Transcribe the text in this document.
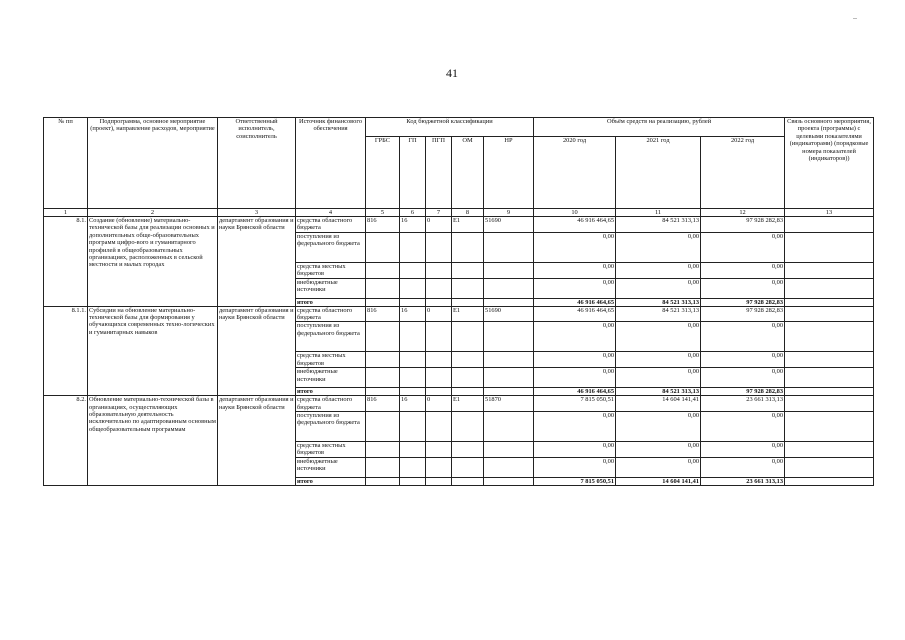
41
№ пп	Подпрограмма, основное мероприятие (проект), направление расходов, мероприятие	Ответственный исполнитель, соисполнитель	Источник финансового обеспечения	Код бюджетной классификации					Объём средств на реализацию, рублей			Связь основного мероприятия, проекта (программы) с целевыми показателями (индикаторами) (порядковые номера показателей (индикаторов))
				ГРБС	ГП	ПГП	ОМ	НР	2020 год	2021 год	2022 год	
1	2	3	4	5	6	7	8	9	10	11	12	13
8.1.	Создание (обновление) материально-технической базы для реализации основных и дополнительных обще-образовательных программ цифро-вого и гуманитарного профилей в общеобразовательных организациях, расположенных в сельской местности и малых городах	департамент образования и науки Брянской области	средства областного бюджета	816	16	0	E1	51690	46 916 464,65	84 521 313,13	97 928 282,83	
			поступления из федерального бюджета						0,00	0,00	0,00	
			средства местных бюджетов						0,00	0,00	0,00	
			внебюджетные источники						0,00	0,00	0,00	
			итого						46 916 464,65	84 521 313,13	97 928 282,83	
8.1.1.	Субсидии на обновление материально-технической базы для формирования у обучающихся современных техно-логических и гуманитарных навыков	департамент образования и науки Брянской области	средства областного бюджета	816	16	0	E1	51690	46 916 464,65	84 521 313,13	97 928 282,83	
			поступления из федерального бюджета						0,00	0,00	0,00	
			средства местных бюджетов						0,00	0,00	0,00	
			внебюджетные источники						0,00	0,00	0,00	
			итого						46 916 464,65	84 521 313,13	97 928 282,83	
8.2.	Обновление материально-технической базы в организациях, осуществляющих образовательную деятельность исключительно по адаптированным основным общеобразовательным программам	департамент образования и науки Брянской области	средства областного бюджета	816	16	0	E1	51870	7 815 050,51	14 604 141,41	23 661 313,13	
			поступления из федерального бюджета						0,00	0,00	0,00	
			средства местных бюджетов						0,00	0,00	0,00	
			внебюджетные источники						0,00	0,00	0,00	
			итого						7 815 050,51	14 604 141,41	23 661 313,13	
